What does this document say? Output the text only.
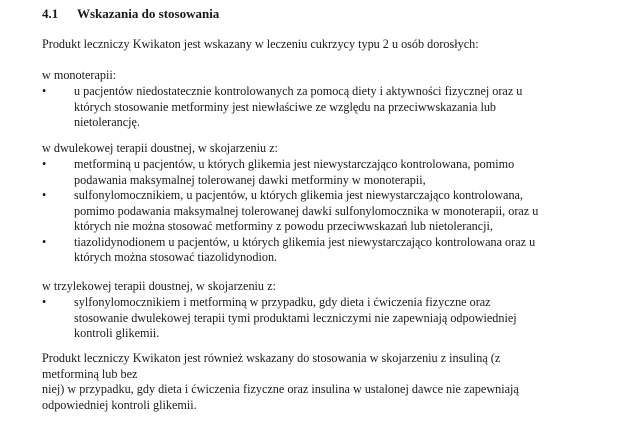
4.1 Wskazania do stosowania
Produkt leczniczy Kwikaton jest wskazany w leczeniu cukrzycy typu 2 u osób dorosłych:
w monoterapii:
•	u pacjentów niedostatecznie kontrolowanych za pomocą diety i aktywności fizycznej oraz u
których stosowanie metforminy jest niewłaściwe ze względu na przeciwwskazania lub
nietolerancję.
w dwulekowej terapii doustnej, w skojarzeniu z:
•	metforminą u pacjentów, u których glikemia jest niewystarczająco kontrolowana, pomimo
podawania maksymalnej tolerowanej dawki metforminy w monoterapii,
•	sulfonylomocznikiem, u pacjentów, u których glikemia jest niewystarczająco kontrolowana,
pomimo podawania maksymalnej tolerowanej dawki sulfonylomocznika w monoterapii, oraz u
których nie można stosować metforminy z powodu przeciwwskazań lub nietolerancji,
•	tiazolidynodionem u pacjentów, u których glikemia jest niewystarczająco kontrolowana oraz u
których można stosować tiazolidynodion.
w trzylekowej terapii doustnej, w skojarzeniu z:
•	sylfonylomocznikiem i metforminą w przypadku, gdy dieta i ćwiczenia fizyczne oraz
stosowanie dwulekowej terapii tymi produktami leczniczymi nie zapewniają odpowiedniej
kontroli glikemii.
Produkt leczniczy Kwikaton jest również wskazany do stosowania w skojarzeniu z insuliną (z
metforminą lub bez
niej) w przypadku, gdy dieta i ćwiczenia fizyczne oraz insulina w ustalonej dawce nie zapewniają
odpowiedniej kontroli glikemii.
